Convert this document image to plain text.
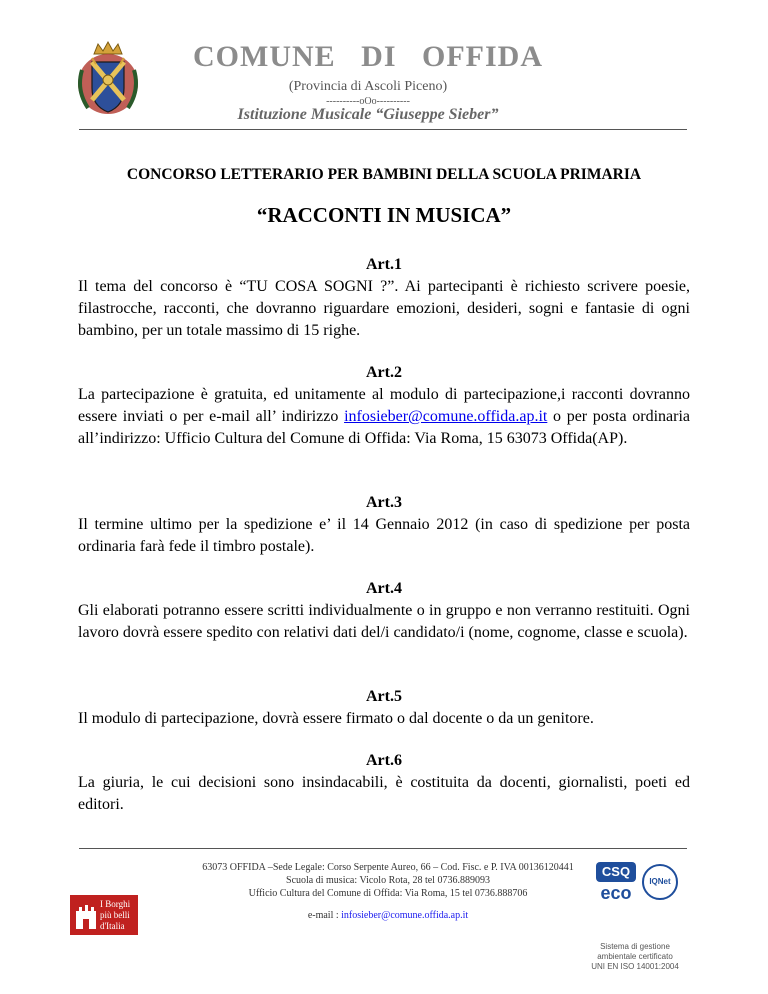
COMUNE   DI   OFFIDA
(Provincia di Ascoli Piceno)
----------oOo----------
Istituzione Musicale “Giuseppe Sieber”
CONCORSO LETTERARIO PER BAMBINI DELLA SCUOLA PRIMARIA
“RACCONTI IN MUSICA”
Art.1
Il tema del concorso è “TU COSA SOGNI ?”. Ai partecipanti è richiesto scrivere poesie, filastrocche, racconti, che dovranno riguardare emozioni, desideri, sogni e fantasie di ogni bambino, per un totale massimo di 15 righe.
Art.2
La partecipazione è gratuita, ed unitamente al modulo di partecipazione,i racconti dovranno essere inviati o per e-mail all’ indirizzo infosieber@comune.offida.ap.it o per posta ordinaria all’indirizzo: Ufficio Cultura del Comune di Offida: Via Roma, 15 63073 Offida(AP).
Art.3
Il termine ultimo per la spedizione e’ il 14 Gennaio 2012 (in caso di spedizione per posta ordinaria farà fede il timbro postale).
Art.4
Gli elaborati potranno essere scritti individualmente o in gruppo e non verranno restituiti. Ogni lavoro dovrà essere spedito con relativi dati del/i candidato/i (nome, cognome, classe e scuola).
Art.5
Il modulo di partecipazione, dovrà essere firmato o dal docente o da un genitore.
Art.6
La giuria, le cui decisioni sono insindacabili, è costituita da docenti, giornalisti, poeti ed editori.
63073 OFFIDA –Sede Legale: Corso Serpente Aureo, 66 – Cod. Fisc. e P. IVA 00136120441
Scuola di musica: Vicolo Rota, 28 tel 0736.889093
Ufficio Cultura del Comune di Offida: Via Roma, 15 tel 0736.888706
e-mail : infosieber@comune.offida.ap.it
I Borghi
più belli
d'Italia
CSQ
eco
IQNet
Sistema di gestione
ambientale certificato
UNI EN ISO 14001:2004
